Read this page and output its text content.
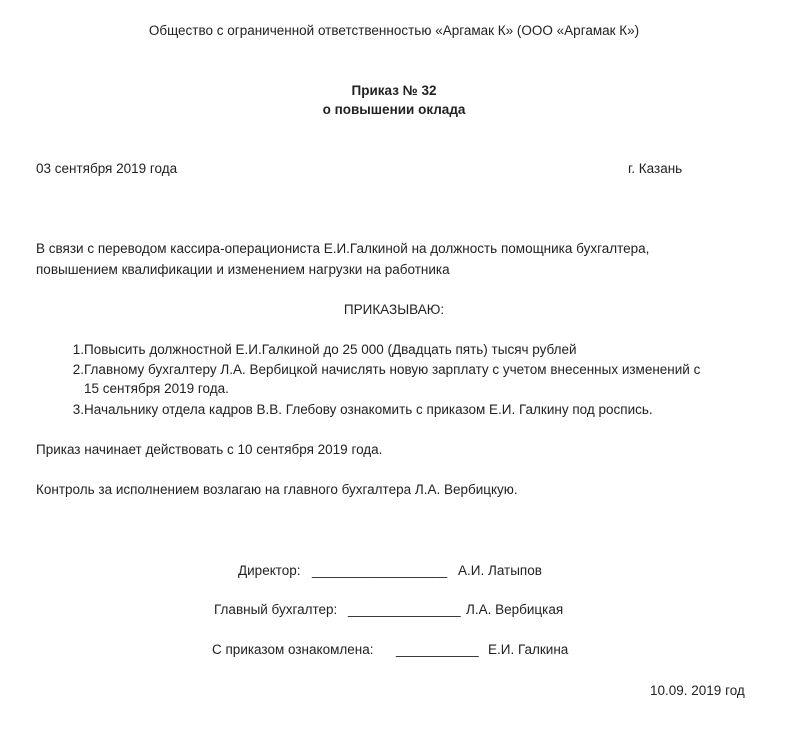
Общество с ограниченной ответственностью «Аргамак К» (ООО «Аргамак К»)
Приказ № 32
о повышении оклада
03 сентября 2019 года	г. Казань
В связи с переводом кассира-операциониста Е.И.Галкиной на должность помощника бухгалтера,
повышением квалификации и изменением нагрузки на работника
ПРИКАЗЫВАЮ:
1. Повысить должностной Е.И.Галкиной до 25 000 (Двадцать пять) тысяч рублей
2. Главному бухгалтеру Л.А. Вербицкой начислять новую зарплату с учетом внесенных изменений с
15 сентября 2019 года.
3. Начальнику отдела кадров В.В. Глебову ознакомить с приказом Е.И. Галкину под роспись.
Приказ начинает действовать с 10 сентября 2019 года.
Контроль за исполнением возлагаю на главного бухгалтера Л.А. Вербицкую.
Директор: __________________ А.И. Латыпов
Главный бухгалтер: _______________ Л.А. Вербицкая
С приказом ознакомлена: ___________ Е.И. Галкина
10.09. 2019 год
